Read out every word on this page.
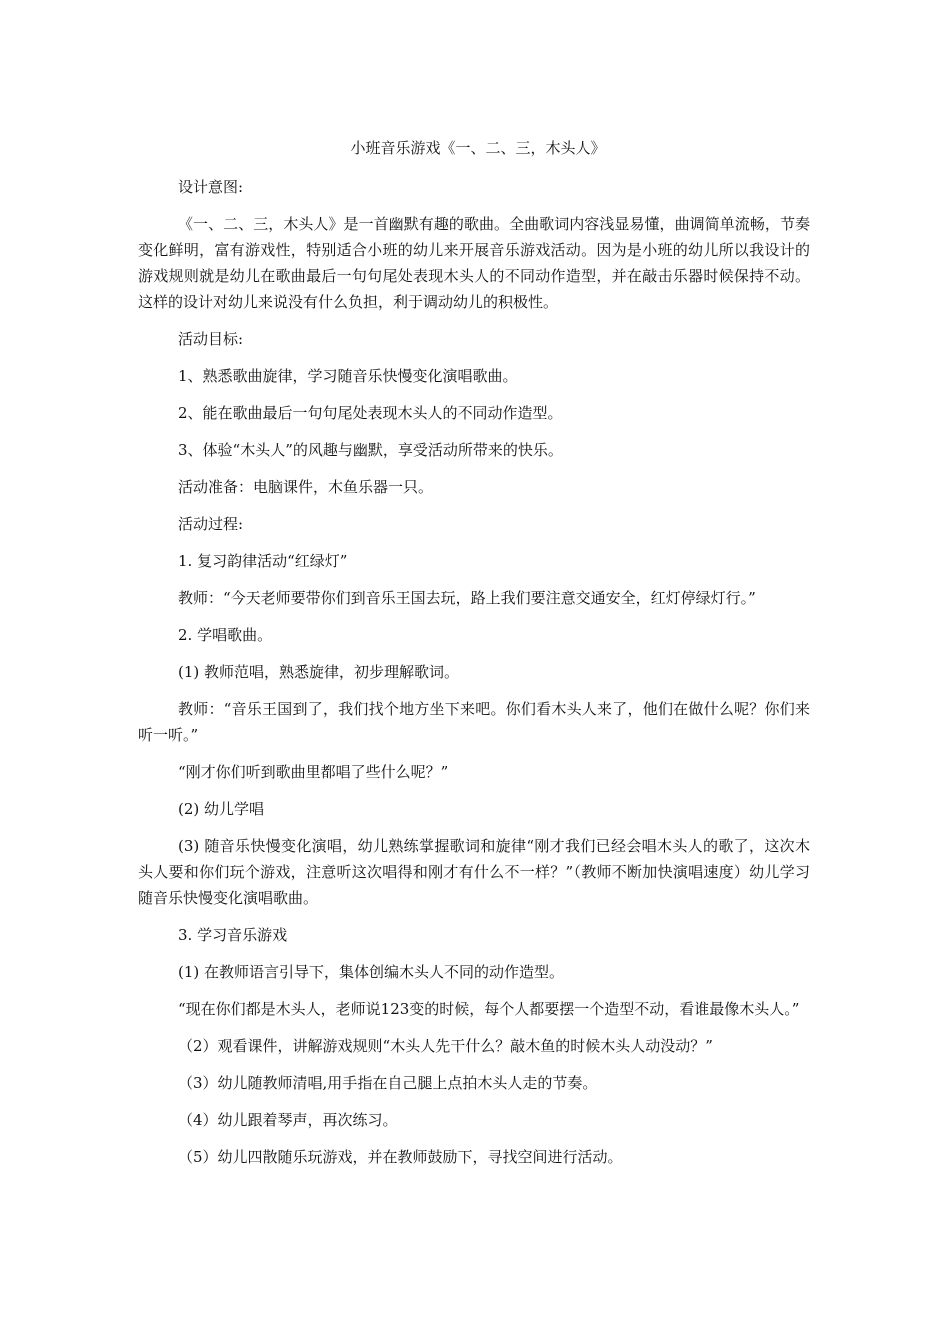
小班音乐游戏《一、二、三，木头人》
设计意图:
《一、二、三，木头人》是一首幽默有趣的歌曲。全曲歌词内容浅显易懂，曲调简单流畅，节奏变化鲜明，富有游戏性，特别适合小班的幼儿来开展音乐游戏活动。因为是小班的幼儿所以我设计的游戏规则就是幼儿在歌曲最后一句句尾处表现木头人的不同动作造型，并在敲击乐器时候保持不动。这样的设计对幼儿来说没有什么负担，利于调动幼儿的积极性。
活动目标:
1、熟悉歌曲旋律，学习随音乐快慢变化演唱歌曲。
2、能在歌曲最后一句句尾处表现木头人的不同动作造型。
3、体验“木头人”的风趣与幽默，享受活动所带来的快乐。
活动准备：电脑课件，木鱼乐器一只。
活动过程:
1. 复习韵律活动“红绿灯”
教师：“今天老师要带你们到音乐王国去玩，路上我们要注意交通安全，红灯停绿灯行。”
2. 学唱歌曲。
(1) 教师范唱，熟悉旋律，初步理解歌词。
教师：“音乐王国到了，我们找个地方坐下来吧。你们看木头人来了，他们在做什么呢？你们来听一听。”
“刚才你们听到歌曲里都唱了些什么呢？”
(2) 幼儿学唱
(3) 随音乐快慢变化演唱，幼儿熟练掌握歌词和旋律“刚才我们已经会唱木头人的歌了，这次木头人要和你们玩个游戏，注意听这次唱得和刚才有什么不一样？”（教师不断加快演唱速度）幼儿学习随音乐快慢变化演唱歌曲。
3. 学习音乐游戏
(1) 在教师语言引导下，集体创编木头人不同的动作造型。
“现在你们都是木头人，老师说123变的时候，每个人都要摆一个造型不动，看谁最像木头人。”
（2）观看课件，讲解游戏规则“木头人先干什么？敲木鱼的时候木头人动没动？”
（3）幼儿随教师清唱,用手指在自己腿上点拍木头人走的节奏。
（4）幼儿跟着琴声，再次练习。
（5）幼儿四散随乐玩游戏，并在教师鼓励下，寻找空间进行活动。
